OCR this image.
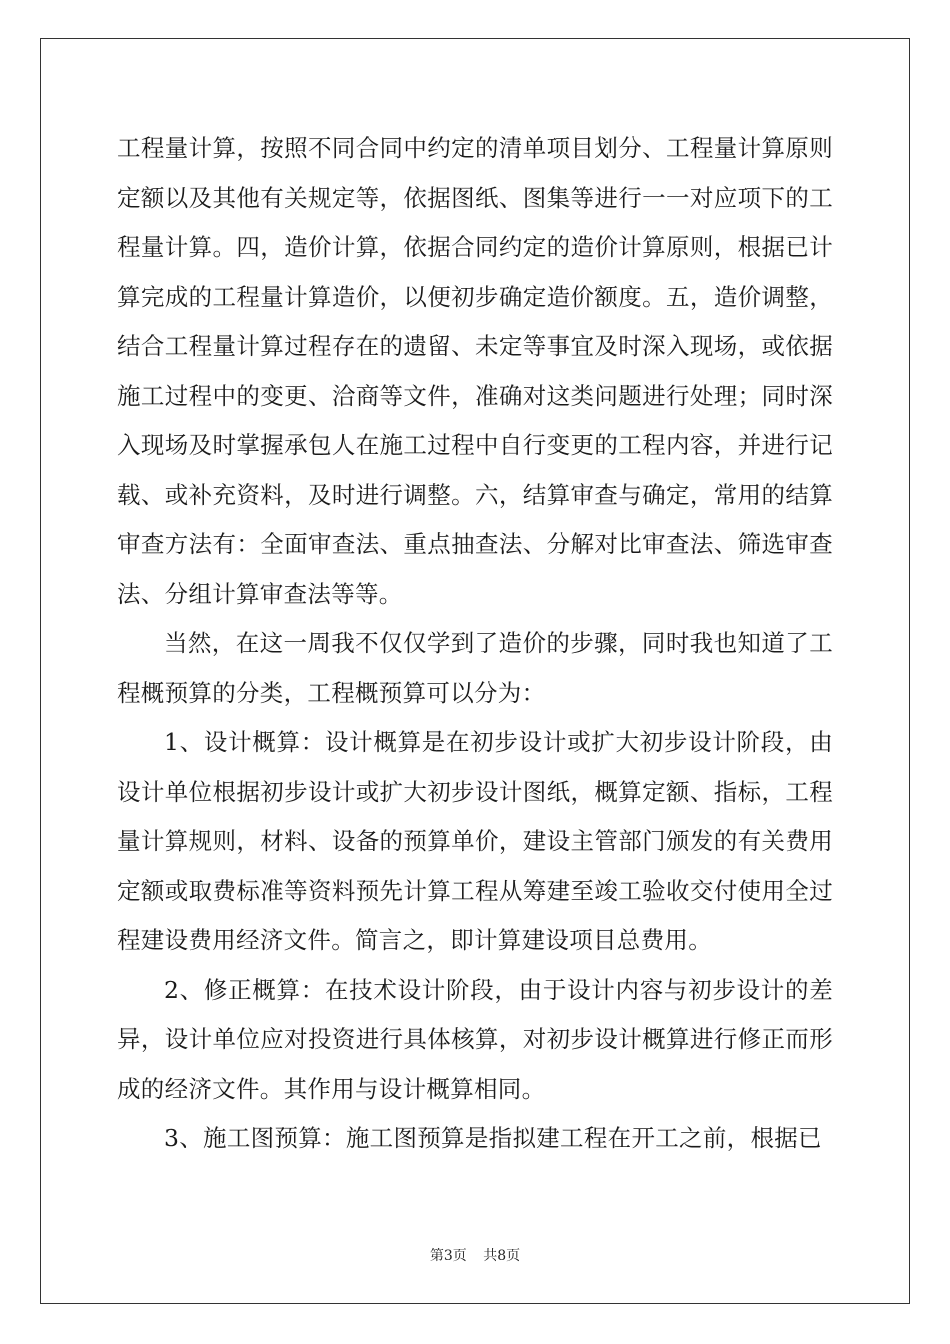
工程量计算，按照不同合同中约定的清单项目划分、工程量计算原则定额以及其他有关规定等，依据图纸、图集等进行一一对应项下的工程量计算。四，造价计算，依据合同约定的造价计算原则，根据已计算完成的工程量计算造价，以便初步确定造价额度。五，造价调整，结合工程量计算过程存在的遗留、未定等事宜及时深入现场，或依据施工过程中的变更、洽商等文件，准确对这类问题进行处理；同时深入现场及时掌握承包人在施工过程中自行变更的工程内容，并进行记载、或补充资料，及时进行调整。六，结算审查与确定，常用的结算审查方法有：全面审查法、重点抽查法、分解对比审查法、筛选审查法、分组计算审查法等等。

当然，在这一周我不仅仅学到了造价的步骤，同时我也知道了工程概预算的分类，工程概预算可以分为：

1、设计概算：设计概算是在初步设计或扩大初步设计阶段，由设计单位根据初步设计或扩大初步设计图纸，概算定额、指标，工程量计算规则，材料、设备的预算单价，建设主管部门颁发的有关费用定额或取费标准等资料预先计算工程从筹建至竣工验收交付使用全过程建设费用经济文件。简言之，即计算建设项目总费用。

2、修正概算：在技术设计阶段，由于设计内容与初步设计的差异，设计单位应对投资进行具体核算，对初步设计概算进行修正而形成的经济文件。其作用与设计概算相同。

3、施工图预算：施工图预算是指拟建工程在开工之前，根据已

第3页 共8页
